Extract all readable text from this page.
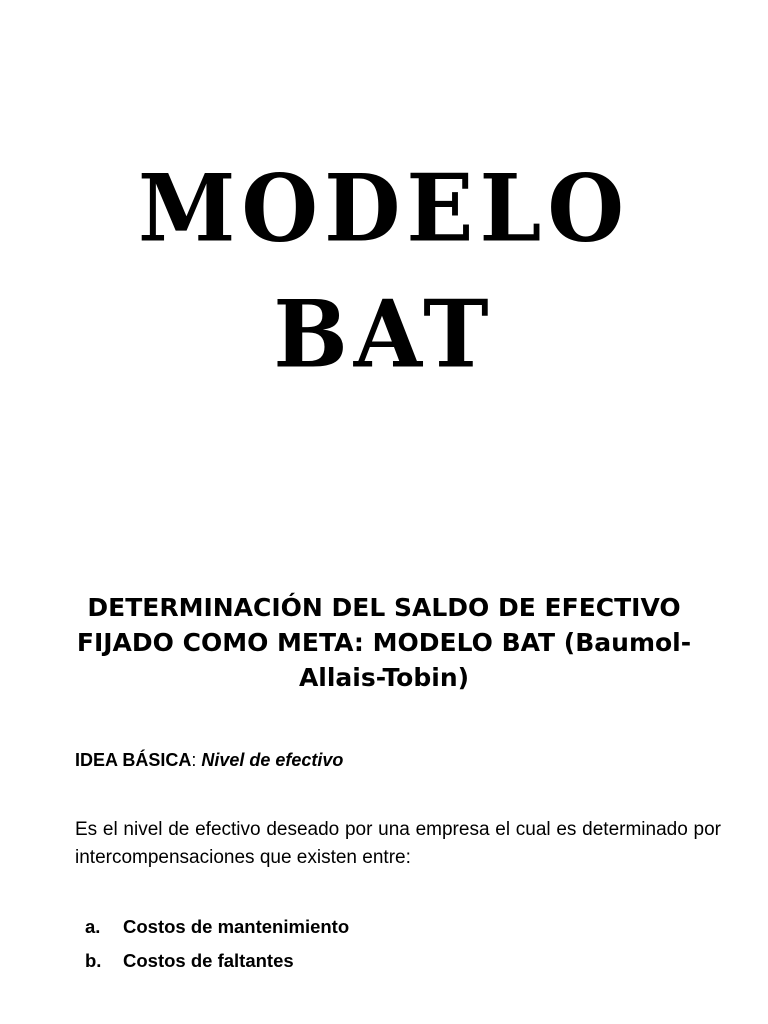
MODELO
BAT
DETERMINACIÓN DEL SALDO DE EFECTIVO FIJADO COMO META: MODELO BAT (Baumol-Allais-Tobin)

IDEA BÁSICA: Nivel de efectivo

Es el nivel de efectivo deseado por una empresa el cual es determinado por intercompensaciones que existen entre:

a.	Costos de mantenimiento
b.	Costos de faltantes
